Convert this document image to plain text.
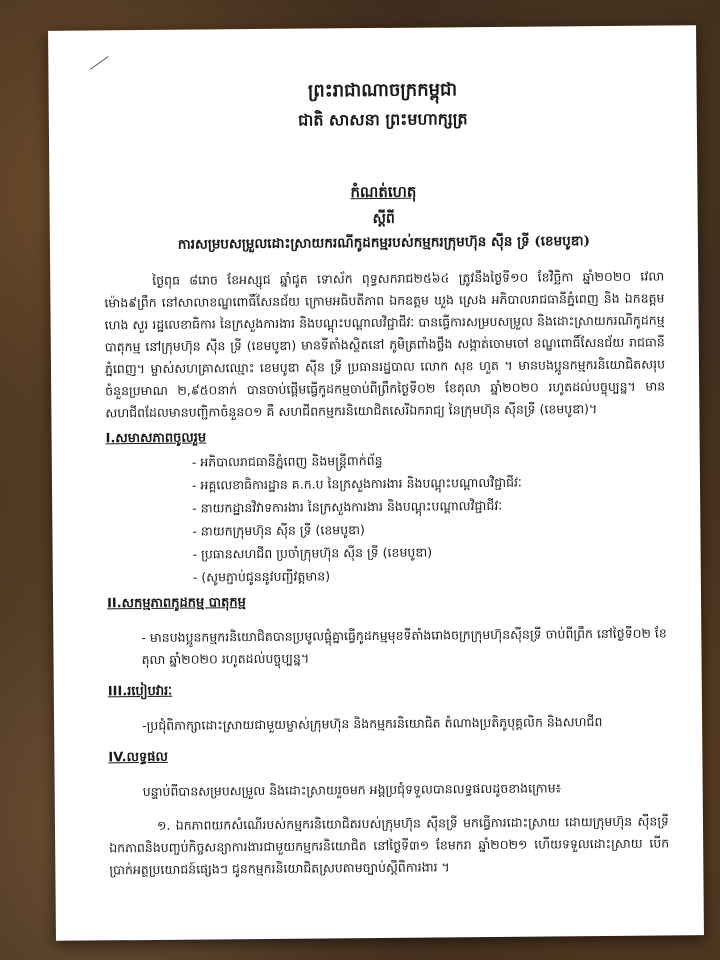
ព្រះរាជាណាចក្រកម្ពុជា
ជាតិ សាសនា ព្រះមហាក្សត្រ
កំណត់ហេតុ
ស្តីពី
ការសម្របសម្រួលដោះស្រាយករណីកូដកម្មរបស់កម្មករក្រុមហ៊ុន ស៊ីន ទ្រី (ខេមបូឌា)

ថ្ងៃពុធ ៨រោច ខែអស្សុជ ឆ្នាំជូត ទោស័ក ពុទ្ធសករាជ២៥៦៤ ត្រូវនឹងថ្ងៃទី១០ ខែវិច្ឆិកា ឆ្នាំ២០២០ វេលាម៉ោង៩ព្រឹក នៅសាលាខណ្ឌពោធិ៍សែនជ័យ ក្រោមអធិបតីភាព ឯកឧត្តម ឃួង ស្រេង អភិបាលរាជធានីភ្នំពេញ និង ឯកឧត្តម ហេង សួរ រដ្ឋលេខាធិការ នៃក្រសួងការងារ និងបណ្តុះបណ្តាលវិជ្ជាជីវៈ បានធ្វើការសម្របសម្រួល និងដោះស្រាយករណីកូដកម្ម បាតុកម្ម នៅក្រុមហ៊ុន ស៊ីន ទ្រី (ខេមបូឌា) មានទីតាំងស្ថិតនៅ ភូមិត្រពាំងថ្លឹង សង្កាត់ចោមចៅ ខណ្ឌពោធិ៍សែនជ័យ រាជធានីភ្នំពេញ។ ម្ចាស់សហគ្រាសឈ្មោះ ខេមបូឌា ស៊ីន ទ្រី ប្រធានរដ្ឋបាល លោក សុខ ហួត ។ មានបងប្អូនកម្មករនិយោជិតសរុបចំនួនប្រមាណ ២,៩៥០នាក់ បានចាប់ផ្តើមធ្វើកូដកម្មចាប់ពីព្រឹកថ្ងៃទី០២ ខែតុលា ឆ្នាំ២០២០ រហូតដល់បច្ចុប្បន្ន។ មានសហជីពដែលមានបញ្ជិកាចំនួន០១ គឺ សហជីពកម្មករនិយោជិតសេរីឯករាជ្យ នៃក្រុមហ៊ុន ស៊ីនទ្រី (ខេមបូឌា)។

I.សមាសភាពចូលរួម
- អភិបាលរាជធានីភ្នំពេញ និងមន្ត្រីពាក់ព័ន្ធ
- អគ្គលេខាធិការដ្ឋាន គ.ក.ប នៃក្រសួងការងារ និងបណ្តុះបណ្តាលវិជ្ជាជីវៈ
- នាយកដ្ឋានវិវាទការងារ នៃក្រសួងការងារ និងបណ្តុះបណ្តាលវិជ្ជាជីវៈ
- នាយកក្រុមហ៊ុន ស៊ីន ទ្រី (ខេមបូឌា)
- ប្រធានសហជីព ប្រចាំក្រុមហ៊ុន ស៊ីន ទ្រី (ខេមបូឌា)
- (សូមភ្ជាប់ជូននូវបញ្ជីវត្តមាន)
II.សកម្មភាពកូដកម្ម បាតុកម្ម

- មានបងប្អូនកម្មករនិយោជិតបានប្រមូលផ្តុំគ្នាធ្វើកូដកម្មមុខទីតាំងរោងចក្រក្រុមហ៊ុនស៊ីនទ្រី ចាប់ពីព្រឹក នៅថ្ងៃទី០២ ខែតុលា ឆ្នាំ២០២០ រហូតដល់បច្ចុប្បន្ន។

III.របៀបវារៈ

-ប្រជុំពិភាក្សាដោះស្រាយជាមួយម្ចាស់ក្រុមហ៊ុន និងកម្មករនិយោជិត តំណាងប្រតិភូបុគ្គលិក និងសហជីព

IV.លទ្ធផល

បន្ទាប់ពីបានសម្របសម្រួល និងដោះស្រាយរួចមក អង្គប្រជុំទទួលបានលទ្ធផលដូចខាងក្រោម៖

១. ឯកភាពយកសំណើរបស់កម្មករនិយោជិតរបស់ក្រុមហ៊ុន ស៊ីនទ្រី មកធ្វើការដោះស្រាយ ដោយក្រុមហ៊ុន ស៊ីនទ្រី ឯកភាពនិងបញ្ចប់កិច្ចសន្យាការងារជាមួយកម្មករនិយោជិត នៅថ្ងៃទី៣១ ខែមករា ឆ្នាំ២០២១ ហើយទទួលដោះស្រាយ បើកប្រាក់អត្ថប្រយោជន៍ផ្សេងៗ ជូនកម្មករនិយោជិតស្របតាមច្បាប់ស្តីពីការងារ ។
